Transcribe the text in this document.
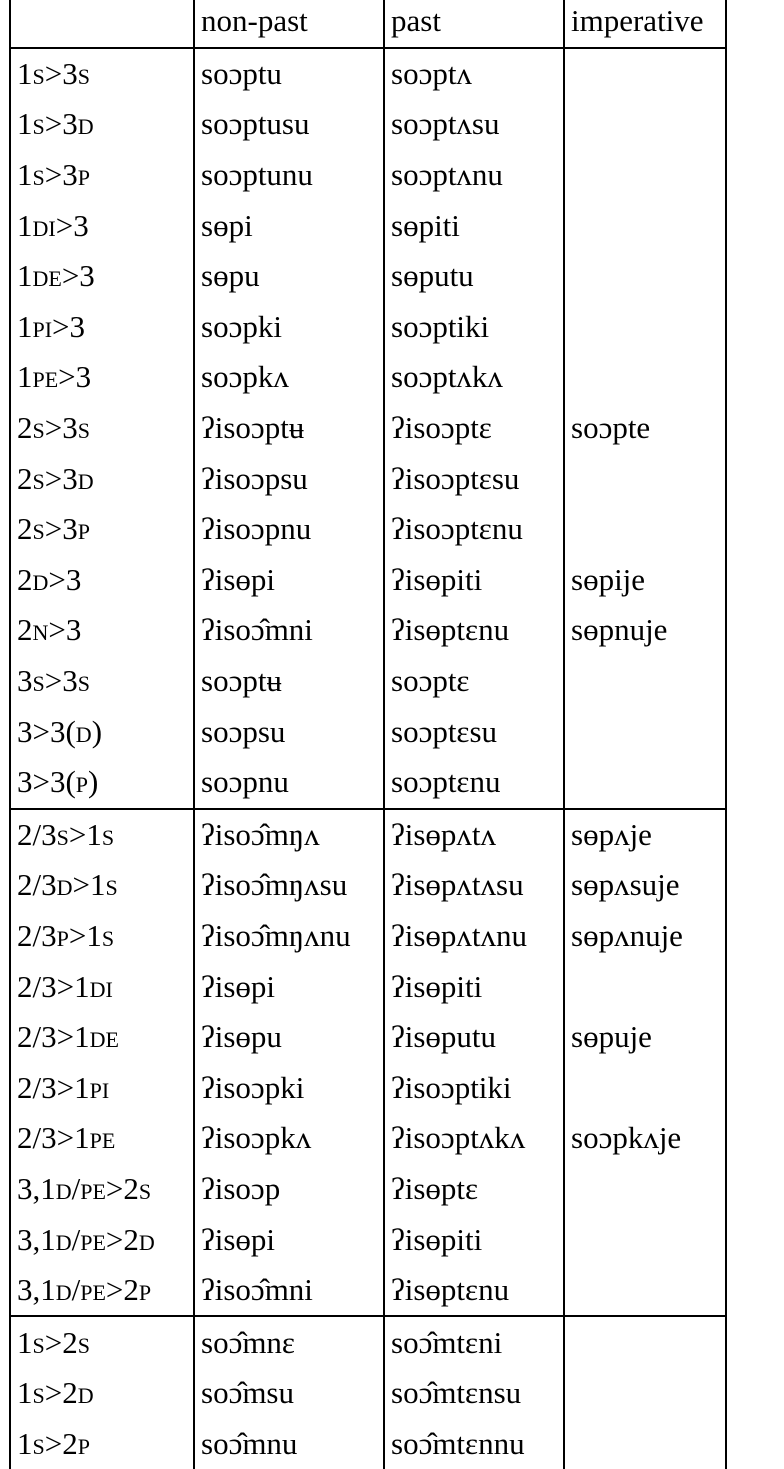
	non-past	past	imperative
1s>3s	soɔptu	soɔptʌ	
1s>3d	soɔptusu	soɔptʌsu	
1s>3p	soɔptunu	soɔptʌnu	
1di>3	sɵpi	sɵpiti	
1de>3	sɵpu	sɵputu	
1pi>3	soɔpki	soɔptiki	
1pe>3	soɔpkʌ	soɔptʌkʌ	
2s>3s	ʔisoɔptʉ	ʔisoɔptɛ	soɔpte
2s>3d	ʔisoɔpsu	ʔisoɔptɛsu	
2s>3p	ʔisoɔpnu	ʔisoɔptɛnu	
2d>3	ʔisɵpi	ʔisɵpiti	sɵpije
2n>3	ʔisoɔ̂mni	ʔisɵptɛnu	sɵpnuje
3s>3s	soɔptʉ	soɔptɛ	
3>3(d)	soɔpsu	soɔptɛsu	
3>3(p)	soɔpnu	soɔptɛnu	
2/3s>1s	ʔisoɔ̂mŋʌ	ʔisɵpʌtʌ	sɵpʌje
2/3d>1s	ʔisoɔ̂mŋʌsu	ʔisɵpʌtʌsu	sɵpʌsuje
2/3p>1s	ʔisoɔ̂mŋʌnu	ʔisɵpʌtʌnu	sɵpʌnuje
2/3>1di	ʔisɵpi	ʔisɵpiti	
2/3>1de	ʔisɵpu	ʔisɵputu	sɵpuje
2/3>1pi	ʔisoɔpki	ʔisoɔptiki	
2/3>1pe	ʔisoɔpkʌ	ʔisoɔptʌkʌ	soɔpkʌje
3,1d/pe>2s	ʔisoɔp	ʔisɵptɛ	
3,1d/pe>2d	ʔisɵpi	ʔisɵpiti	
3,1d/pe>2p	ʔisoɔ̂mni	ʔisɵptɛnu	
1s>2s	soɔ̂mnɛ	soɔ̂mtɛni	
1s>2d	soɔ̂msu	soɔ̂mtɛnsu	
1s>2p	soɔ̂mnu	soɔ̂mtɛnnu	
